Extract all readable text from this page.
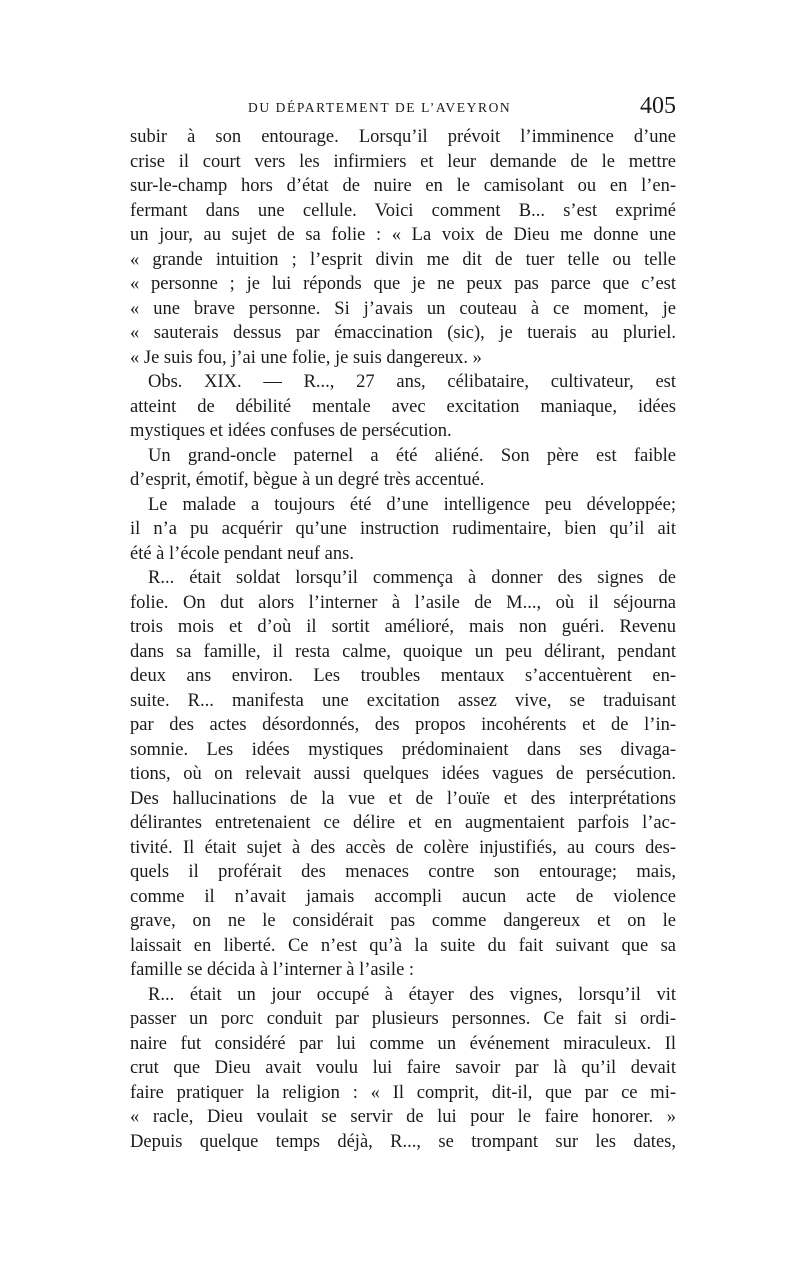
DU DÉPARTEMENT DE L’AVEYRON	405
subir à son entourage. Lorsqu’il prévoit l’imminence d’une
crise il court vers les infirmiers et leur demande de le mettre
sur-le-champ hors d’état de nuire en le camisolant ou en l’en-
fermant dans une cellule. Voici comment B... s’est exprimé
un jour, au sujet de sa folie : « La voix de Dieu me donne une
« grande intuition ; l’esprit divin me dit de tuer telle ou telle
« personne ; je lui réponds que je ne peux pas parce que c’est
« une brave personne. Si j’avais un couteau à ce moment, je
« sauterais dessus par émaccination (sic), je tuerais au pluriel.
« Je suis fou, j’ai une folie, je suis dangereux. »
Obs. XIX. — R..., 27 ans, célibataire, cultivateur, est
atteint de débilité mentale avec excitation maniaque, idées
mystiques et idées confuses de persécution.
Un grand-oncle paternel a été aliéné. Son père est faible
d’esprit, émotif, bègue à un degré très accentué.
Le malade a toujours été d’une intelligence peu développée;
il n’a pu acquérir qu’une instruction rudimentaire, bien qu’il ait
été à l’école pendant neuf ans.
R... était soldat lorsqu’il commença à donner des signes de
folie. On dut alors l’interner à l’asile de M..., où il séjourna
trois mois et d’où il sortit amélioré, mais non guéri. Revenu
dans sa famille, il resta calme, quoique un peu délirant, pendant
deux ans environ. Les troubles mentaux s’accentuèrent en-
suite. R... manifesta une excitation assez vive, se traduisant
par des actes désordonnés, des propos incohérents et de l’in-
somnie. Les idées mystiques prédominaient dans ses divaga-
tions, où on relevait aussi quelques idées vagues de persécution.
Des hallucinations de la vue et de l’ouïe et des interprétations
délirantes entretenaient ce délire et en augmentaient parfois l’ac-
tivité. Il était sujet à des accès de colère injustifiés, au cours des-
quels il proférait des menaces contre son entourage; mais,
comme il n’avait jamais accompli aucun acte de violence
grave, on ne le considérait pas comme dangereux et on le
laissait en liberté. Ce n’est qu’à la suite du fait suivant que sa
famille se décida à l’interner à l’asile :
R... était un jour occupé à étayer des vignes, lorsqu’il vit
passer un porc conduit par plusieurs personnes. Ce fait si ordi-
naire fut considéré par lui comme un événement miraculeux. Il
crut que Dieu avait voulu lui faire savoir par là qu’il devait
faire pratiquer la religion : « Il comprit, dit-il, que par ce mi-
« racle, Dieu voulait se servir de lui pour le faire honorer. »
Depuis quelque temps déjà, R..., se trompant sur les dates,
